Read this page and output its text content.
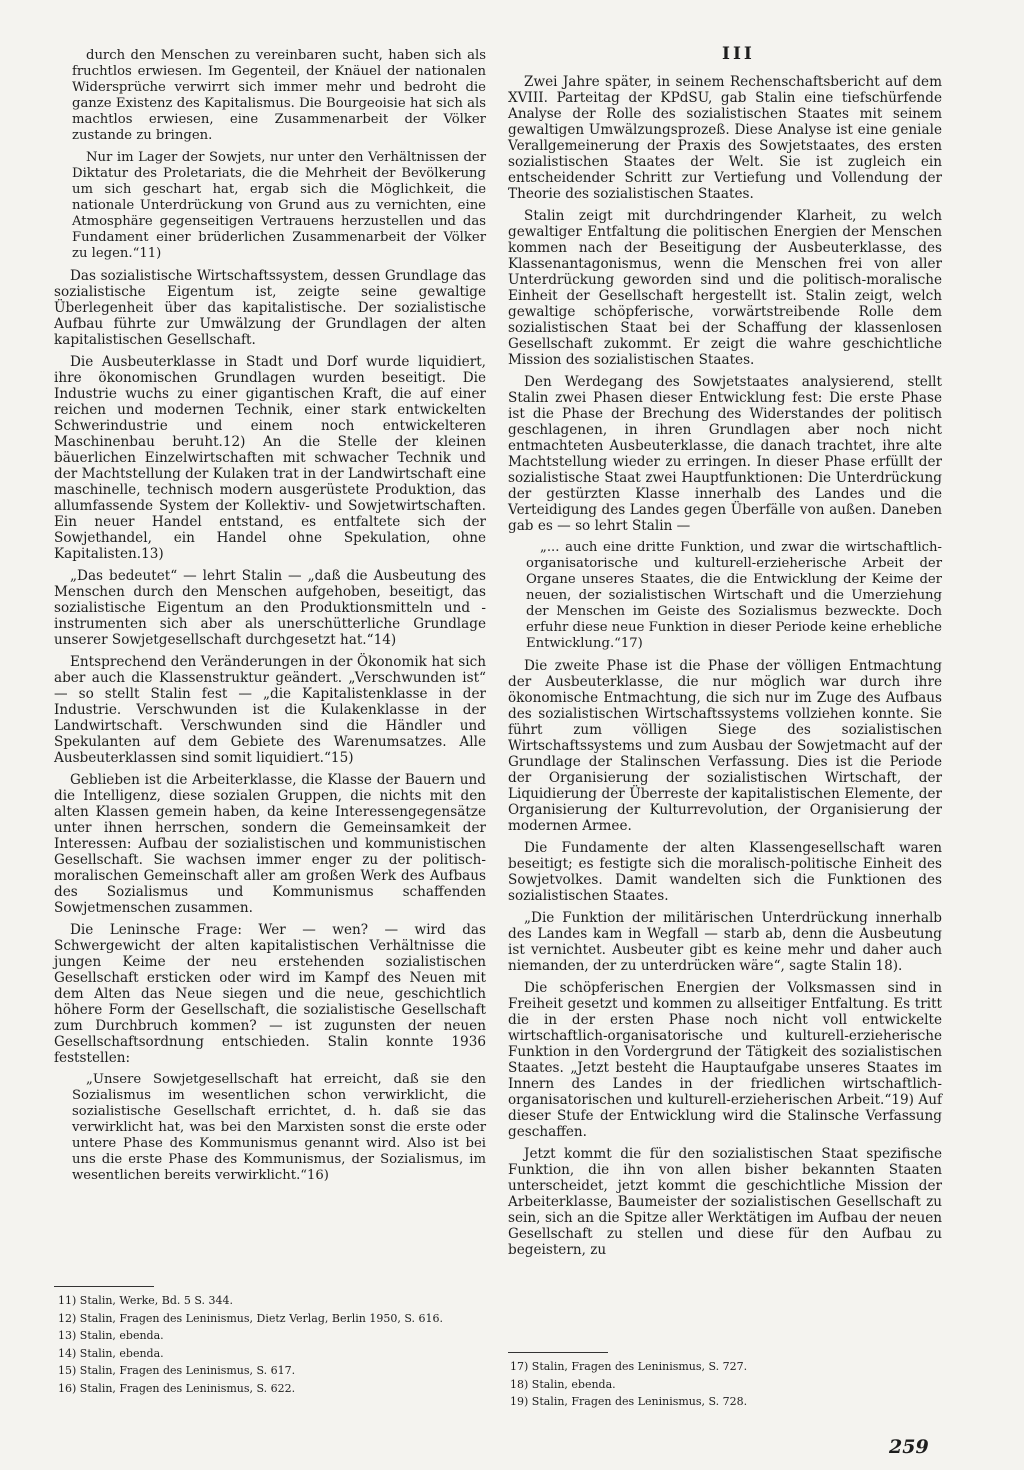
III

durch den Menschen zu vereinbaren sucht, haben sich als fruchtlos erwiesen. Im Gegenteil, der Knäuel der nationalen Widersprüche verwirrt sich immer mehr und bedroht die ganze Existenz des Kapitalismus. Die Bourgeoisie hat sich als machtlos erwiesen, eine Zusammenarbeit der Völker zustande zu bringen.

Nur im Lager der Sowjets, nur unter den Verhältnissen der Diktatur des Proletariats, die die Mehrheit der Bevölkerung um sich geschart hat, ergab sich die Möglichkeit, die nationale Unterdrückung von Grund aus zu vernichten, eine Atmosphäre gegenseitigen Vertrauens herzustellen und das Fundament einer brüderlichen Zusammenarbeit der Völker zu legen.“11)

Das sozialistische Wirtschaftssystem, dessen Grundlage das sozialistische Eigentum ist, zeigte seine gewaltige Überlegenheit über das kapitalistische. Der sozialistische Aufbau führte zur Umwälzung der Grundlagen der alten kapitalistischen Gesellschaft.

Die Ausbeuterklasse in Stadt und Dorf wurde liquidiert, ihre ökonomischen Grundlagen wurden beseitigt. Die Industrie wuchs zu einer gigantischen Kraft, die auf einer reichen und modernen Technik, einer stark entwickelten Schwerindustrie und einem noch entwickelteren Maschinenbau beruht.12) An die Stelle der kleinen bäuerlichen Einzelwirtschaften mit schwacher Technik und der Machtstellung der Kulaken trat in der Landwirtschaft eine maschinelle, technisch modern ausgerüstete Produktion, das allumfassende System der Kollektiv- und Sowjetwirtschaften. Ein neuer Handel entstand, es entfaltete sich der Sowjethandel, ein Handel ohne Spekulation, ohne Kapitalisten.13)

„Das bedeutet“ — lehrt Stalin — „daß die Ausbeutung des Menschen durch den Menschen aufgehoben, beseitigt, das sozialistische Eigentum an den Produktionsmitteln und -instrumenten sich aber als unerschütterliche Grundlage unserer Sowjetgesellschaft durchgesetzt hat.“14)

Entsprechend den Veränderungen in der Ökonomik hat sich aber auch die Klassenstruktur geändert. „Verschwunden ist“ — so stellt Stalin fest — „die Kapitalistenklasse in der Industrie. Verschwunden ist die Kulakenklasse in der Landwirtschaft. Verschwunden sind die Händler und Spekulanten auf dem Gebiete des Warenumsatzes. Alle Ausbeuterklassen sind somit liquidiert.“15)

Geblieben ist die Arbeiterklasse, die Klasse der Bauern und die Intelligenz, diese sozialen Gruppen, die nichts mit den alten Klassen gemein haben, da keine Interessengegensätze unter ihnen herrschen, sondern die Gemeinsamkeit der Interessen: Aufbau der sozialistischen und kommunistischen Gesellschaft. Sie wachsen immer enger zu der politisch-moralischen Gemeinschaft aller am großen Werk des Aufbaus des Sozialismus und Kommunismus schaffenden Sowjetmenschen zusammen.

Die Leninsche Frage: Wer — wen? — wird das Schwergewicht der alten kapitalistischen Verhältnisse die jungen Keime der neu erstehenden sozialistischen Gesellschaft ersticken oder wird im Kampf des Neuen mit dem Alten das Neue siegen und die neue, geschichtlich höhere Form der Gesellschaft, die sozialistische Gesellschaft zum Durchbruch kommen? — ist zugunsten der neuen Gesellschaftsordnung entschieden. Stalin konnte 1936 feststellen:

„Unsere Sowjetgesellschaft hat erreicht, daß sie den Sozialismus im wesentlichen schon verwirklicht, die sozialistische Gesellschaft errichtet, d. h. daß sie das verwirklicht hat, was bei den Marxisten sonst die erste oder untere Phase des Kommunismus genannt wird. Also ist bei uns die erste Phase des Kommunismus, der Sozialismus, im wesentlichen bereits verwirklicht.“16)

Zwei Jahre später, in seinem Rechenschaftsbericht auf dem XVIII. Parteitag der KPdSU, gab Stalin eine tiefschürfende Analyse der Rolle des sozialistischen Staates mit seinem gewaltigen Umwälzungsprozeß. Diese Analyse ist eine geniale Verallgemeinerung der Praxis des Sowjetstaates, des ersten sozialistischen Staates der Welt. Sie ist zugleich ein entscheidender Schritt zur Vertiefung und Vollendung der Theorie des sozialistischen Staates.

Stalin zeigt mit durchdringender Klarheit, zu welch gewaltiger Entfaltung die politischen Energien der Menschen kommen nach der Beseitigung der Ausbeuterklasse, des Klassenantagonismus, wenn die Menschen frei von aller Unterdrückung geworden sind und die politisch-moralische Einheit der Gesellschaft hergestellt ist. Stalin zeigt, welch gewaltige schöpferische, vorwärtstreibende Rolle dem sozialistischen Staat bei der Schaffung der klassenlosen Gesellschaft zukommt. Er zeigt die wahre geschichtliche Mission des sozialistischen Staates.

Den Werdegang des Sowjetstaates analysierend, stellt Stalin zwei Phasen dieser Entwicklung fest: Die erste Phase ist die Phase der Brechung des Widerstandes der politisch geschlagenen, in ihren Grundlagen aber noch nicht entmachteten Ausbeuterklasse, die danach trachtet, ihre alte Machtstellung wieder zu erringen. In dieser Phase erfüllt der sozialistische Staat zwei Hauptfunktionen: Die Unterdrückung der gestürzten Klasse innerhalb des Landes und die Verteidigung des Landes gegen Überfälle von außen. Daneben gab es — so lehrt Stalin —

„... auch eine dritte Funktion, und zwar die wirtschaftlich-organisatorische und kulturell-erzieherische Arbeit der Organe unseres Staates, die die Entwicklung der Keime der neuen, der sozialistischen Wirtschaft und die Umerziehung der Menschen im Geiste des Sozialismus bezweckte. Doch erfuhr diese neue Funktion in dieser Periode keine erhebliche Entwicklung.“17)

Die zweite Phase ist die Phase der völligen Entmachtung der Ausbeuterklasse, die nur möglich war durch ihre ökonomische Entmachtung, die sich nur im Zuge des Aufbaus des sozialistischen Wirtschaftssystems vollziehen konnte. Sie führt zum völligen Siege des sozialistischen Wirtschaftssystems und zum Ausbau der Sowjetmacht auf der Grundlage der Stalinschen Verfassung. Dies ist die Periode der Organisierung der sozialistischen Wirtschaft, der Liquidierung der Überreste der kapitalistischen Elemente, der Organisierung der Kulturrevolution, der Organisierung der modernen Armee.

Die Fundamente der alten Klassengesellschaft waren beseitigt; es festigte sich die moralisch-politische Einheit des Sowjetvolkes. Damit wandelten sich die Funktionen des sozialistischen Staates.

„Die Funktion der militärischen Unterdrückung innerhalb des Landes kam in Wegfall — starb ab, denn die Ausbeutung ist vernichtet. Ausbeuter gibt es keine mehr und daher auch niemanden, der zu unterdrücken wäre“, sagte Stalin 18).

Die schöpferischen Energien der Volksmassen sind in Freiheit gesetzt und kommen zu allseitiger Entfaltung. Es tritt die in der ersten Phase noch nicht voll entwickelte wirtschaftlich-organisatorische und kulturell-erzieherische Funktion in den Vordergrund der Tätigkeit des sozialistischen Staates. „Jetzt besteht die Hauptaufgabe unseres Staates im Innern des Landes in der friedlichen wirtschaftlich-organisatorischen und kulturell-erzieherischen Arbeit.“19) Auf dieser Stufe der Entwicklung wird die Stalinsche Verfassung geschaffen.

Jetzt kommt die für den sozialistischen Staat spezifische Funktion, die ihn von allen bisher bekannten Staaten unterscheidet, jetzt kommt die geschichtliche Mission der Arbeiterklasse, Baumeister der sozialistischen Gesellschaft zu sein, sich an die Spitze aller Werktätigen im Aufbau der neuen Gesellschaft zu stellen und diese für den Aufbau zu begeistern, zu

11) Stalin, Werke, Bd. 5 S. 344.
12) Stalin, Fragen des Leninismus, Dietz Verlag, Berlin 1950, S. 616.
13) Stalin, ebenda.
14) Stalin, ebenda.
15) Stalin, Fragen des Leninismus, S. 617.
16) Stalin, Fragen des Leninismus, S. 622.
17) Stalin, Fragen des Leninismus, S. 727.
18) Stalin, ebenda.
19) Stalin, Fragen des Leninismus, S. 728.
259
